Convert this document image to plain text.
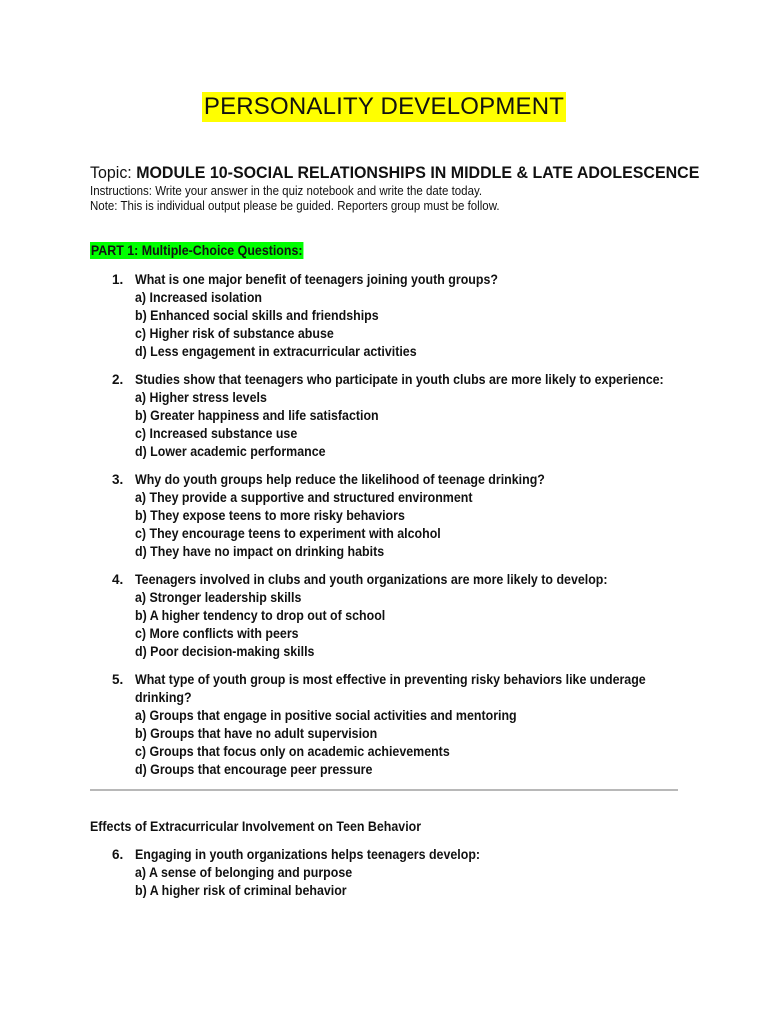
PERSONALITY DEVELOPMENT
Topic: MODULE 10-SOCIAL RELATIONSHIPS IN MIDDLE & LATE ADOLESCENCE
Instructions: Write your answer in the quiz notebook and write the date today.
Note: This is individual output please be guided. Reporters group must be follow.
PART 1: Multiple-Choice Questions:
1. What is one major benefit of teenagers joining youth groups?
a) Increased isolation
b) Enhanced social skills and friendships
c) Higher risk of substance abuse
d) Less engagement in extracurricular activities
2. Studies show that teenagers who participate in youth clubs are more likely to experience:
a) Higher stress levels
b) Greater happiness and life satisfaction
c) Increased substance use
d) Lower academic performance
3. Why do youth groups help reduce the likelihood of teenage drinking?
a) They provide a supportive and structured environment
b) They expose teens to more risky behaviors
c) They encourage teens to experiment with alcohol
d) They have no impact on drinking habits
4. Teenagers involved in clubs and youth organizations are more likely to develop:
a) Stronger leadership skills
b) A higher tendency to drop out of school
c) More conflicts with peers
d) Poor decision-making skills
5. What type of youth group is most effective in preventing risky behaviors like underage
drinking?
a) Groups that engage in positive social activities and mentoring
b) Groups that have no adult supervision
c) Groups that focus only on academic achievements
d) Groups that encourage peer pressure
Effects of Extracurricular Involvement on Teen Behavior
6. Engaging in youth organizations helps teenagers develop:
a) A sense of belonging and purpose
b) A higher risk of criminal behavior
